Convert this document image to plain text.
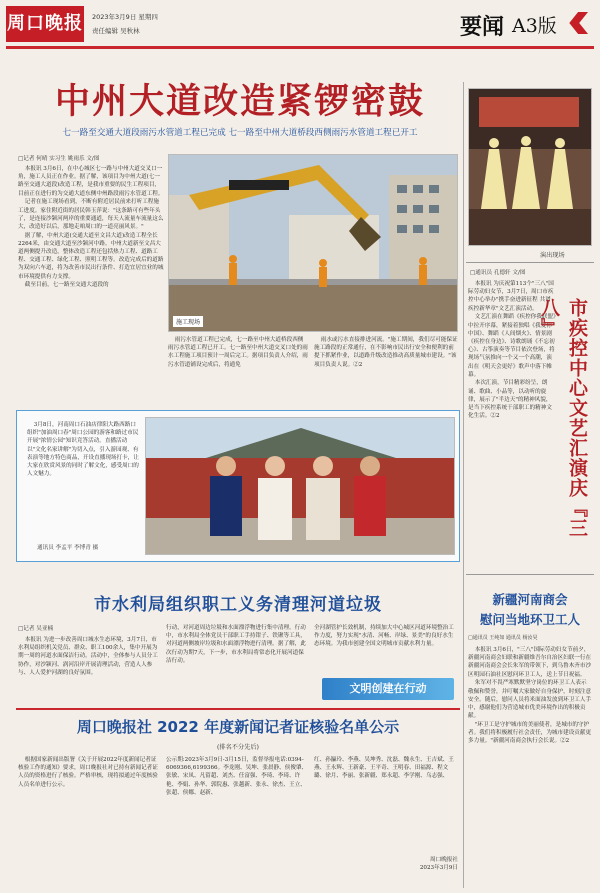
周口晚报 2023年3月9日 星期四
责任编辑 吴秋林	要闻 A3版
中州大道改造紧锣密鼓
七一路至交通大道段雨污水管道工程已完成 七一路至中州大道桥段西侧雨污水管道工程已开工
□记者 何晴 实习生 姚雨乐 文/图

本报讯 3月6日，在中心城区七一路与中州大道交叉口一角，施工人员正在作业。据了解，该项目为中州大道(七一路至交通大道段)改造工程，是我市重要的民生工程项目，目前正在进行的为交通大道东侧中州路段雨污水管道工程。

记者在施工现场看到，不断有附近居民前来打听工程施工进度。家住附近街的居民韩玉萍说："这条路可有些年头了，是连接沙颍河两岸的重要通道，每天人流量车流量这么大，改造好以后，那地走咱周口的一道亮丽风景。"

据了解，中州大道(交通大道至文昌大道)改造工程全长2264米，由交通大道至沙颍河中路。中州大道新至文昌大道两侧提升改造，整体改造工程还包括热力工程、道路工程、交通工程、绿化工程、照明工程等。改造完成后的道路为双向六车道，将为改善市民出行条件、打造宜居宜业的城市环境提供有力支撑。

截至目前，七一路至交通大道段的

施工现场

雨污水管道工程已完成，七一路至中州大道桥段西侧雨污水管道工程已开工。七一路至中州大道交叉口处的雨水工程施工项目预计一周后完工。据项目负责人介绍，雨污水管道铺设完成后，将通免

雨水或污水直接排进河流。"施工期间，我们尽可能保证施工路段的正常通行，在不影响市民出行安全和便利的前提下抓紧作业，以道路升级改造推动高质量城市建设。"该项目负责人说。②2

演出现场
□通讯员 孔德轩 文/图

本报讯 为庆祝第113个"三八"国际劳动妇女节，3月7日，周口市疾控中心举办"携手奋进新征程 共谱疾控新华章"文艺汇演活动。

文艺汇演在舞蹈《疾控你我联盟》中拉开序幕，紧接着独唱《我爱你中国》、舞蹈《人间烟火》、情景剧《疾控在身边》、诗歌朗诵《不忘初心》、古筝演奏等节目依次登场，将现场气氛推向一个又一个高潮，演出在《明天会更好》歌声中落下帷幕。

本次汇演，节目精彩纷呈，朗诵、歌曲、小品等，以动听的旋律，展示了"半边天"的精神风貌，是当下疾控系统干部职工的精神文化生活。②2	市疾控中心文艺汇演庆『三八』
3月8日，河南周口石油店律阳大路西路口组织"加油周口春"周口公园的游客和路过市民开展"浓情公园"知识竞答活动。直播活动以"文化名家讲解"为切入点，引入游园观、有表演等地方特色商品，开设直播现场打卡，让大家在欣赏风景的同时了解文化，感受周口的人文魅力。
通讯员 李孟平 李博青 摄
市水利局组织职工义务清理河道垃圾
□记者 吴亚楠
本报讯 为进一步改善周口城水生态环境，3月7日，市水利局组织机关党员、群众、职工100余人，集中开展为期一周的河道水面保洁行动。活动中，全体参与人员分工协作，对沙颍河、涡河沿岸开展清理活动，营造人人参与、人人爱护河湖的良好氛围。
行动，对河道周边垃圾和水面漂浮物进行集中清理。行动中，市水利局全体党员干部职工手持钳子、铁锹等工具，对河道两侧坡岸垃圾和水面漂浮物进行清理。据了解，此次行动为期7天，下一步，市水利局将常态化开展河道保洁行动。
全河湖管护长效机制，持续加大中心城区河道环境整治工作力度，努力实现"水清、河畅、岸绿、景美"的良好水生态环境。为我市创建全国文明城市贡献水利力量。
文明创建在行动
新疆河南商会
慰问当地环卫工人
□通讯员 王纯如 通讯员 杨汝昊

本报讯 3月6日，"三八"国际劳动妇女节前夕，新疆河南商会妇联和新疆维吾尔自治区妇联一行在新疆河南商会会长朱军的带领下，到乌鲁木齐市沙区明园石油社区慰问环卫工人，送上节日祝福。

朱军对不畏严寒默默坚守岗位的环卫工人表示敬佩和赞誉，并叮嘱大家做好自身保护，时刻注意安全。随后，慰问人员将米面油发放到环卫工人手中，感谢他们为营造城市优美环境作出的积极贡献。

"环卫工是守护城市的美丽使者，是城市的守护者。我们将积极履行社会责任，为城市建设贡献更多力量。"新疆河南商会执行会长说。②2

周口晚报社 2022 年度新闻记者证核验名单公示
(排名不分先后)
根据国家新闻出版署《关于开展2022年度新闻记者证核验工作的通知》要求，周口晚报社对已持有新闻记者证人员的资格进行了核验。严格审核，现将拟通过年度核验人员名单进行公示。
公示期:2023年3月9日-3月15日，监督举报电话:0394-6069366,6199366。李龙刚、吴坤、张晨静、侯俊肇、张敏、宋凤、凡留超、刘杰、任富强、李琦、李琦、许艳、李娟、孙华、郭院惠、张越新、张永、徐杰、王立、张超、侯娜、赵新、
红、孙瀛玲、李燕、吴坤秀、沈磊、魏永生、王吉斌、王燕、王永辉、王新豪、王平奇、王明春、田福源、程文璐、徐月、李丽、张新疆、郑永超、李学刚、乌志强、
周口晚报社
2023年3月9日
